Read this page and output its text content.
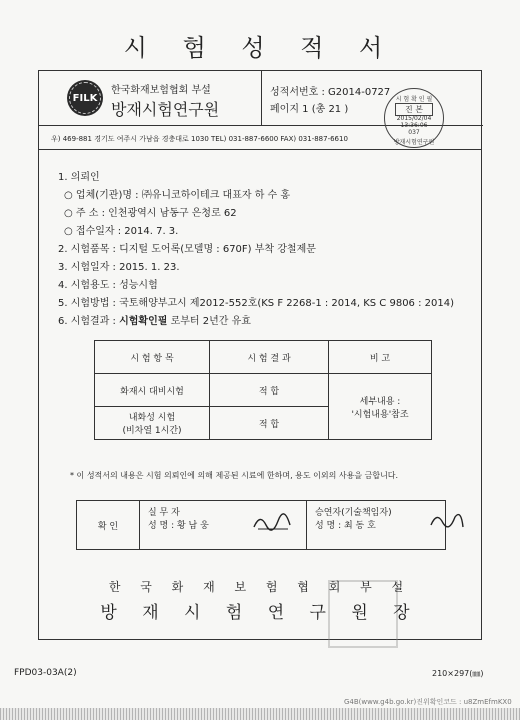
시 험 성 적 서
FILK
한국화재보험협회 부설
방재시험연구원
성적서번호 : G2014-0727
페이지 1 (총 21 )
우) 469-881 경기도 여주시 가남읍 경충대로 1030 TEL) 031-887-6600 FAX) 031-887-6610
시 험 확 인 필
진 본
2015/02/04
13:36:06
037
방재시험연구원
1. 의뢰인
○ 업체(기관)명 : ㈜유니코하이테크 대표자 하 수 홍
○ 주 소 : 인천광역시 남동구 은청로 62
○ 접수일자 : 2014. 7. 3.
2. 시험품목 : 디지털 도어록(모델명 : 670F) 부착 강철제문
3. 시험일자 : 2015. 1. 23.
4. 시험용도 : 성능시험
5. 시험방법 : 국토해양부고시 제2012-552호(KS F 2268-1 : 2014, KS C 9806 : 2014)
6. 시험결과 : 시험확인필 로부터 2년간 유효
시 험 항 목	시 험 결 과	비 고
화재시 대비시험	적 합	세부내용 :
'시험내용'참조

내화성 시험
(비차열 1시간)	적 합	
* 이 성적서의 내용은 시험 의뢰인에 의해 제공된 시료에 한하며, 용도 이외의 사용을 금합니다.
확 인	
실 무 자
성 명 : 황 남 웅

승연자(기술책임자)
성 명 : 최 동 호
한 국 화 재 보 험 협 회 부 설
방 재 시 험 연 구 원 장
FPD03-03A(2)	210×297(㎜)
G4B(www.g4b.go.kr)진위확인코드 : u8ZmEfmKX0
